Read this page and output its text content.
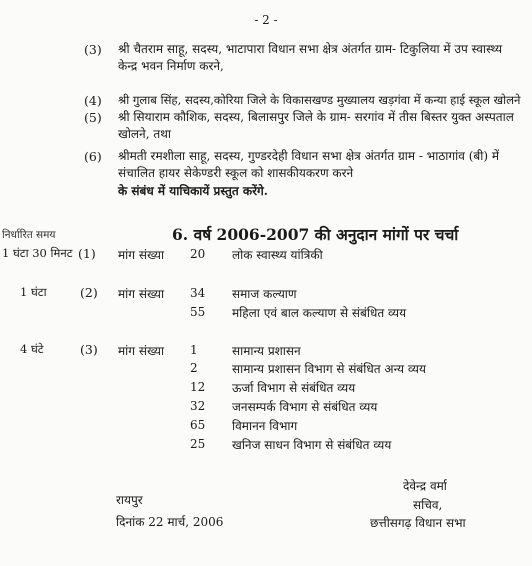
- 2 -
(3) श्री चैतराम साहू, सदस्य, भाटापारा विधान सभा क्षेत्र अंतर्गत ग्राम- टिकुलिया में उप स्वास्थ्य केन्द्र भवन निर्माण करने,
(4) श्री गुलाब सिंह, सदस्य,कोरिया जिले के विकासखण्ड मुख्यालय खड़गंवा में कन्या हाई स्कूल खोलने
(5) श्री सियाराम कौशिक, सदस्य, बिलासपुर जिले के ग्राम- सरगांव में तीस बिस्तर युक्त अस्पताल खोलने, तथा
(6) श्रीमती रमशीला साहू, सदस्य, गुण्डरदेही विधान सभा क्षेत्र अंतर्गत ग्राम - भाठागांव (बी) में संचालित हायर सेकेण्डरी स्कूल को शासकीयकरण करने
के संबंध में याचिकायें प्रस्तुत करेंगे.
निर्धारित समय	6. वर्ष 2006-2007 की अनुदान मांगों पर चर्चा
1 घंटा 30 मिनट (1) मांग संख्या 20 लोक स्वास्थ्य यांत्रिकी
1 घंटा	(2) मांग संख्या 34 समाज कल्याण
55 महिला एवं बाल कल्याण से संबंधित व्यय
4 घंटे	(3) मांग संख्या 1	सामान्य प्रशासन
2	सामान्य प्रशासन विभाग से संबंधित अन्य व्यय
12 ऊर्जा विभाग से संबंधित व्यय
32 जनसम्पर्क विभाग से संबंधित व्यय
65 विमानन विभाग
25 खनिज साधन विभाग से संबंधित व्यय
रायपुर
दिनांक 22 मार्च, 2006
देवेन्द्र वर्मा
सचिव,
छत्तीसगढ़ विधान सभा
